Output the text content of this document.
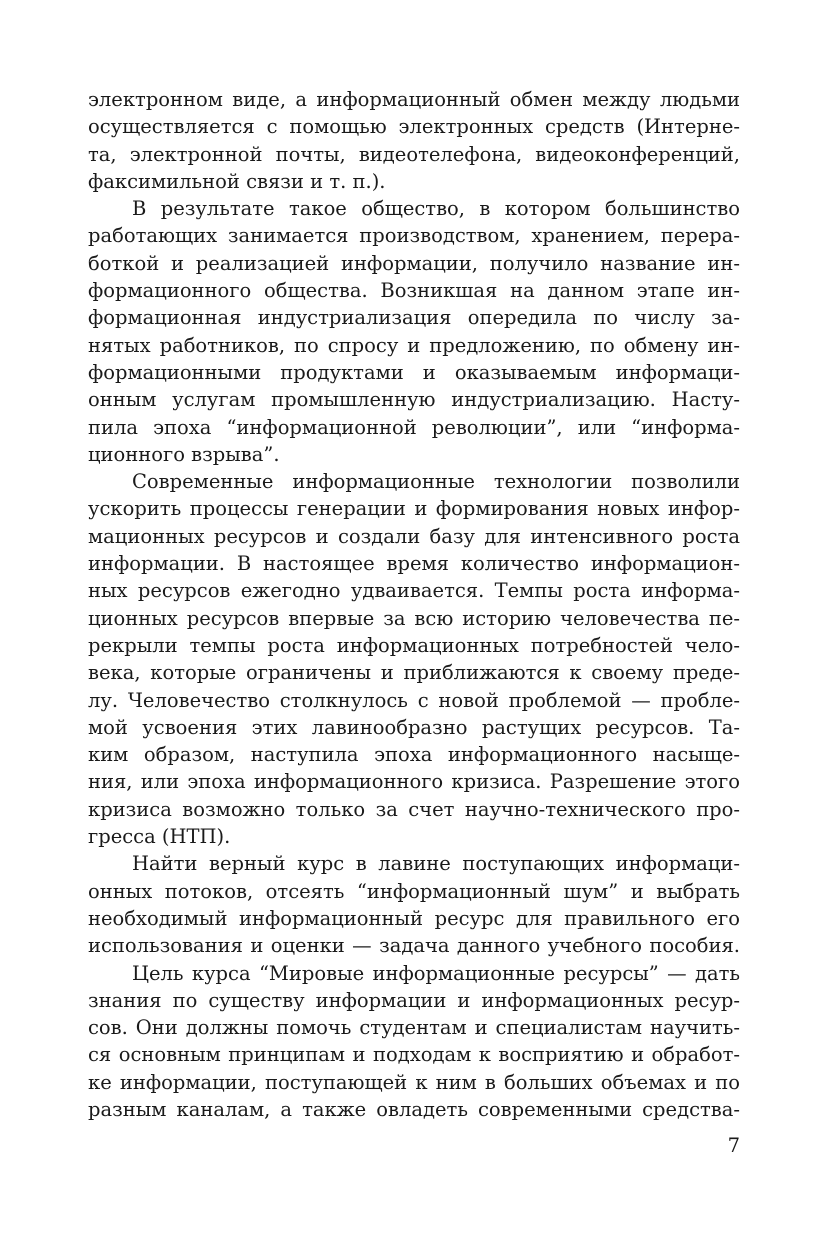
электронном виде, а информационный обмен между людьми
осуществляется с помощью электронных средств (Интерне-
та, электронной почты, видеотелефона, видеоконференций,
факсимильной связи и т. п.).
В результате такое общество, в котором большинство
работающих занимается производством, хранением, перера-
боткой и реализацией информации, получило название ин-
формационного общества. Возникшая на данном этапе ин-
формационная индустриализация опередила по числу за-
нятых работников, по спросу и предложению, по обмену ин-
формационными продуктами и оказываемым информаци-
онным услугам промышленную индустриализацию. Насту-
пила эпоха “информационной революции”, или “информа-
ционного взрыва”.
Современные информационные технологии позволили
ускорить процессы генерации и формирования новых инфор-
мационных ресурсов и создали базу для интенсивного роста
информации. В настоящее время количество информацион-
ных ресурсов ежегодно удваивается. Темпы роста информа-
ционных ресурсов впервые за всю историю человечества пе-
рекрыли темпы роста информационных потребностей чело-
века, которые ограничены и приближаются к своему преде-
лу. Человечество столкнулось с новой проблемой — пробле-
мой усвоения этих лавинообразно растущих ресурсов. Та-
ким образом, наступила эпоха информационного насыще-
ния, или эпоха информационного кризиса. Разрешение этого
кризиса возможно только за счет научно-технического про-
гресса (НТП).
Найти верный курс в лавине поступающих информаци-
онных потоков, отсеять “информационный шум” и выбрать
необходимый информационный ресурс для правильного его
использования и оценки — задача данного учебного пособия.
Цель курса “Мировые информационные ресурсы” — дать
знания по существу информации и информационных ресур-
сов. Они должны помочь студентам и специалистам научить-
ся основным принципам и подходам к восприятию и обработ-
ке информации, поступающей к ним в больших объемах и по
разным каналам, а также овладеть современными средства-
7
